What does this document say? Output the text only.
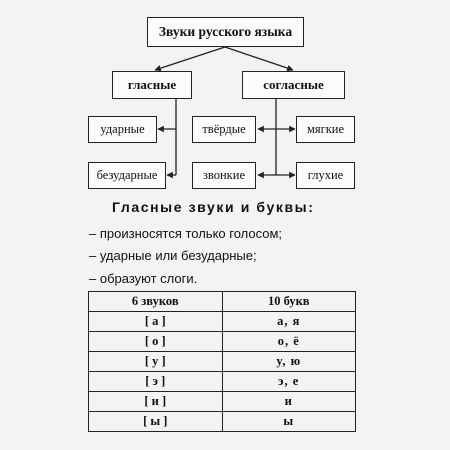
Звуки русского языка
гласные	согласные
ударные
безударные
твёрдые	мягкие
звонкие	глухие
Гласные звуки и буквы:
– произносятся только голосом;
– ударные или безударные;
– образуют слоги.
6 звуков	10 букв
[ а ]	а, я
[ о ]	о, ё
[ у ]	у, ю
[ э ]	э, е
[ и ]	и
[ ы ]	ы
